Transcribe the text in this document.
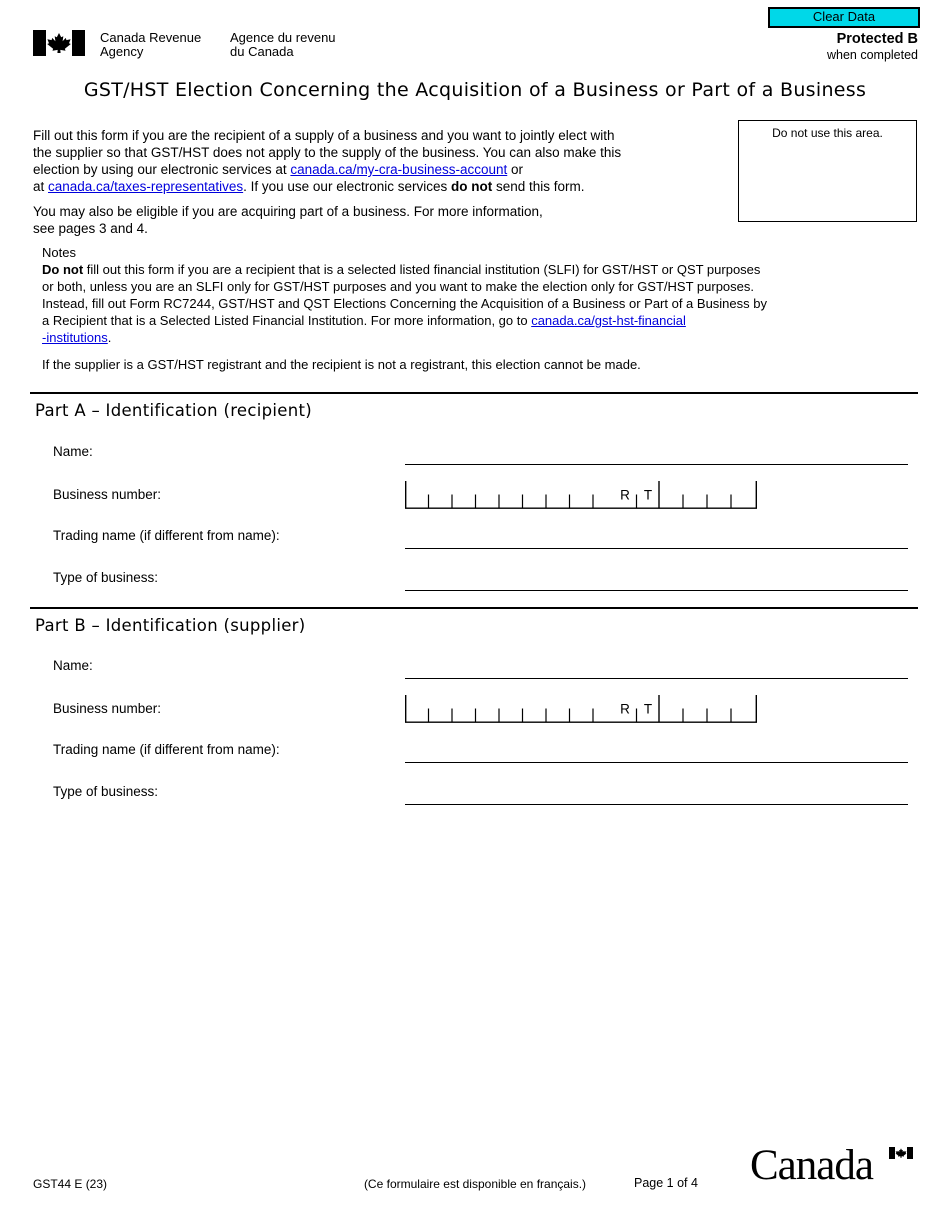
Clear Data
Protected B
when completed
Canada Revenue
Agency
Agence du revenu
du Canada
GST/HST Election Concerning the Acquisition of a Business or Part of a Business
Fill out this form if you are the recipient of a supply of a business and you want to jointly elect with
the supplier so that GST/HST does not apply to the supply of the business. You can also make this
election by using our electronic services at canada.ca/my-cra-business-account or
at canada.ca/taxes-representatives. If you use our electronic services do not send this form.
You may also be eligible if you are acquiring part of a business. For more information,
see pages 3 and 4.
Do not use this area.
Notes
Do not fill out this form if you are a recipient that is a selected listed financial institution (SLFI) for GST/HST or QST purposes
or both, unless you are an SLFI only for GST/HST purposes and you want to make the election only for GST/HST purposes.
Instead, fill out Form RC7244, GST/HST and QST Elections Concerning the Acquisition of a Business or Part of a Business by
a Recipient that is a Selected Listed Financial Institution. For more information, go to canada.ca/gst-hst-financial
-institutions.
If the supplier is a GST/HST registrant and the recipient is not a registrant, this election cannot be made.
Part A – Identification (recipient)
Name:
Business number:	R T
Trading name (if different from name):
Type of business:
Part B – Identification (supplier)
Name:
Business number:	R T
Trading name (if different from name):
Type of business:
GST44 E (23)	(Ce formulaire est disponible en français.)	Page 1 of 4 Canada
